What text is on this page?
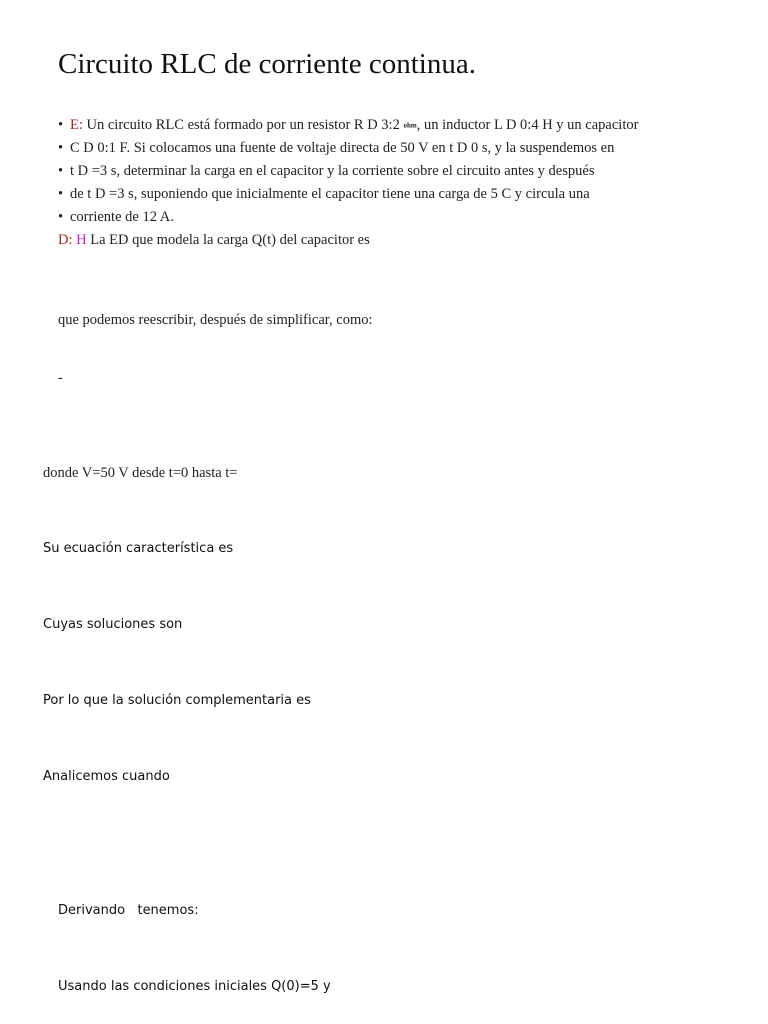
Circuito RLC de corriente continua.
• E: Un circuito RLC está formado por un resistor R D 3:2 ohm, un inductor L D 0:4 H y un capacitor
• C D 0:1 F. Si colocamos una fuente de voltaje directa de 50 V en t D 0 s, y la suspendemos en
• t D =3 s, determinar la carga en el capacitor y la corriente sobre el circuito antes y después
• de t D =3 s, suponiendo que inicialmente el capacitor tiene una carga de 5 C y circula una
• corriente de 12 A.
D: H La ED que modela la carga Q(t) del capacitor es
que podemos reescribir, después de simplificar, como:
-
donde V=50 V desde t=0 hasta t=
Su ecuación característica es
Cuyas soluciones son
Por lo que la solución complementaria es
Analicemos cuando
Derivando   tenemos:
Usando las condiciones iniciales Q(0)=5 y
